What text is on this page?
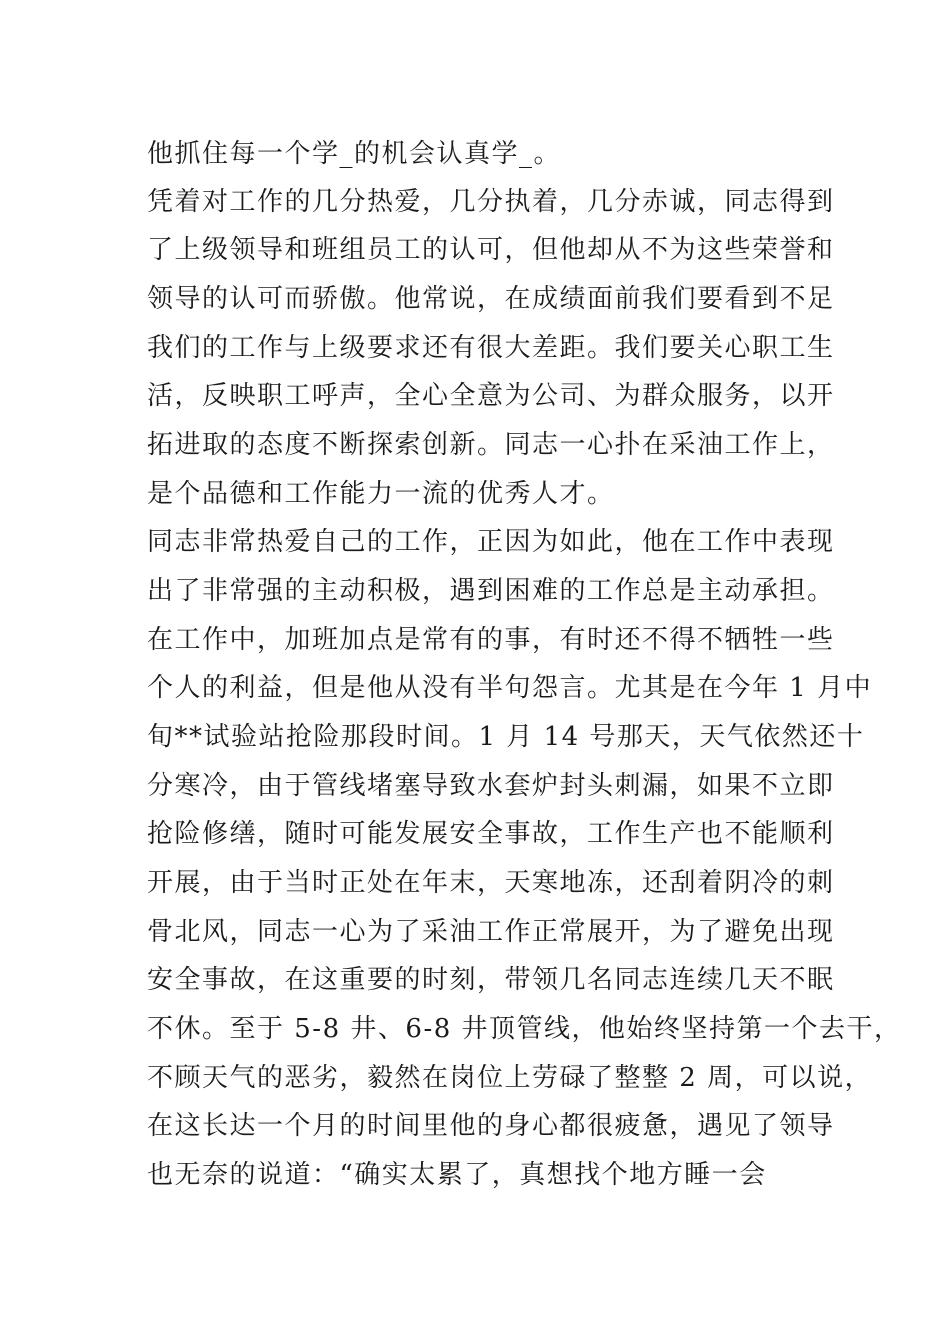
他抓住每一个学_的机会认真学_。
凭着对工作的几分热爱，几分执着，几分赤诚，同志得到
了上级领导和班组员工的认可，但他却从不为这些荣誉和
领导的认可而骄傲。他常说，在成绩面前我们要看到不足
我们的工作与上级要求还有很大差距。我们要关心职工生
活，反映职工呼声，全心全意为公司、为群众服务，以开
拓进取的态度不断探索创新。同志一心扑在采油工作上，
是个品德和工作能力一流的优秀人才。
同志非常热爱自己的工作，正因为如此，他在工作中表现
出了非常强的主动积极，遇到困难的工作总是主动承担。
在工作中，加班加点是常有的事，有时还不得不牺牲一些
个人的利益，但是他从没有半句怨言。尤其是在今年 1 月中
旬**试验站抢险那段时间。1 月 14 号那天，天气依然还十
分寒冷，由于管线堵塞导致水套炉封头刺漏，如果不立即
抢险修缮，随时可能发展安全事故，工作生产也不能顺利
开展，由于当时正处在年末，天寒地冻，还刮着阴冷的刺
骨北风，同志一心为了采油工作正常展开，为了避免出现
安全事故，在这重要的时刻，带领几名同志连续几天不眠
不休。至于 5-8 井、6-8 井顶管线，他始终坚持第一个去干，
不顾天气的恶劣，毅然在岗位上劳碌了整整 2 周，可以说，
在这长达一个月的时间里他的身心都很疲惫，遇见了领导
也无奈的说道：“确实太累了，真想找个地方睡一会
